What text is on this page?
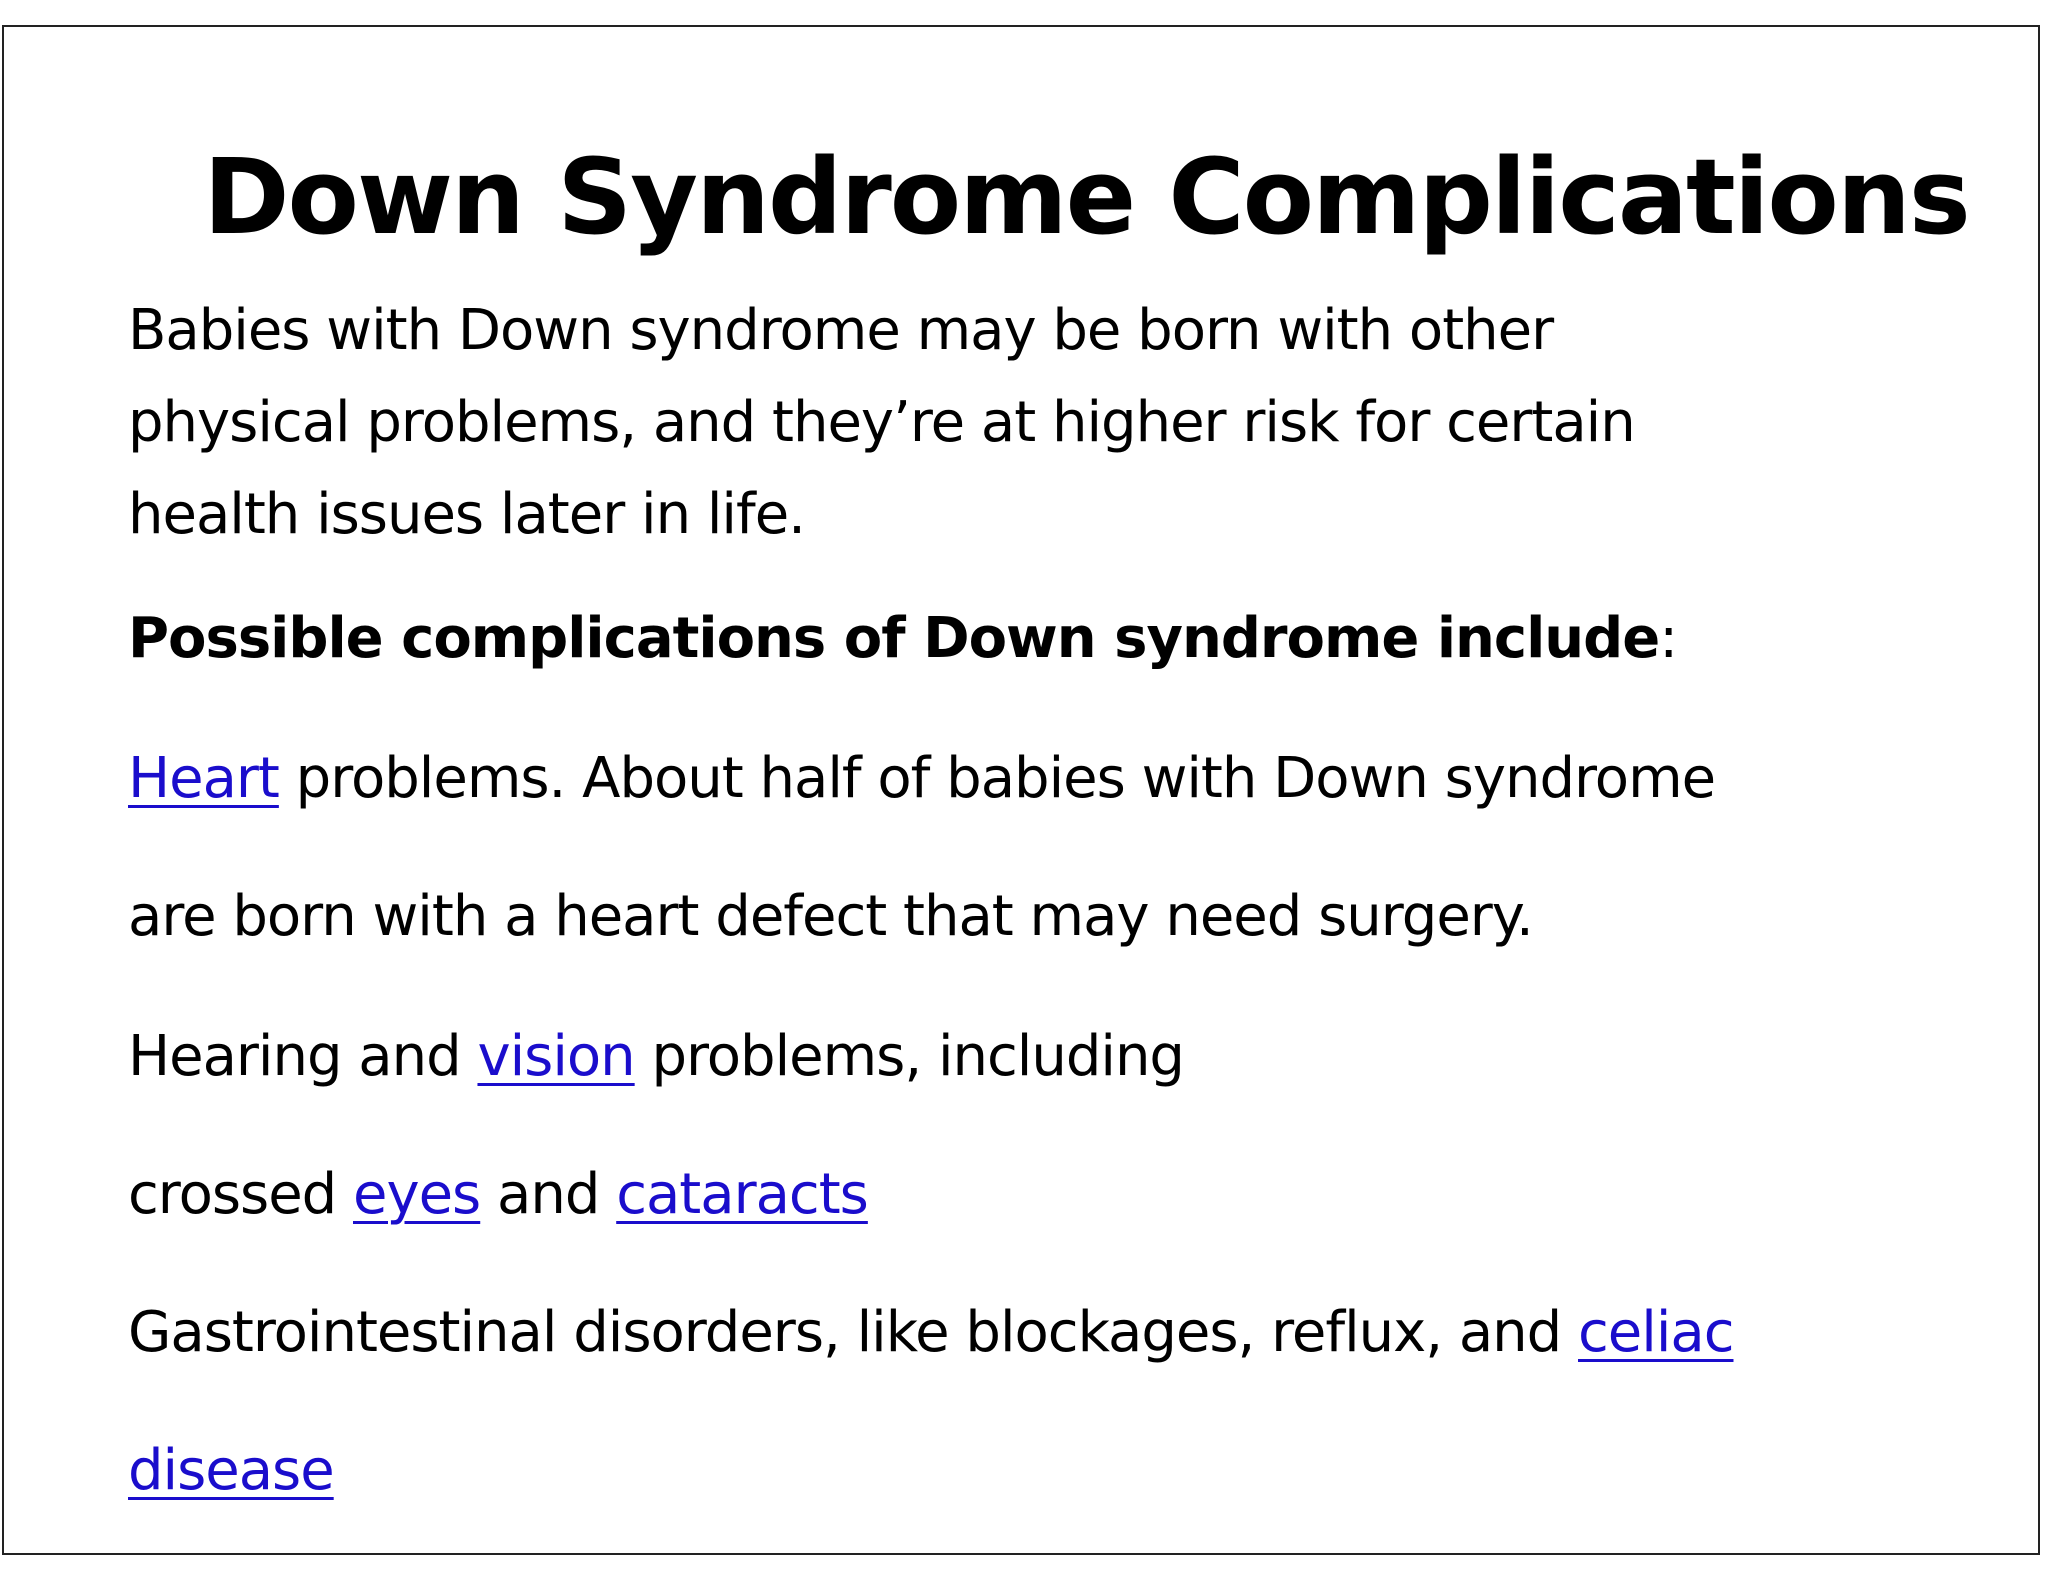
Down Syndrome Complications
Babies with Down syndrome may be born with other
physical problems, and they’re at higher risk for certain
health issues later in life.
Possible complications of Down syndrome include:
Heart problems. About half of babies with Down syndrome
are born with a heart defect that may need surgery.
Hearing and vision problems, including
crossed eyes and cataracts
Gastrointestinal disorders, like blockages, reflux, and celiac
disease
